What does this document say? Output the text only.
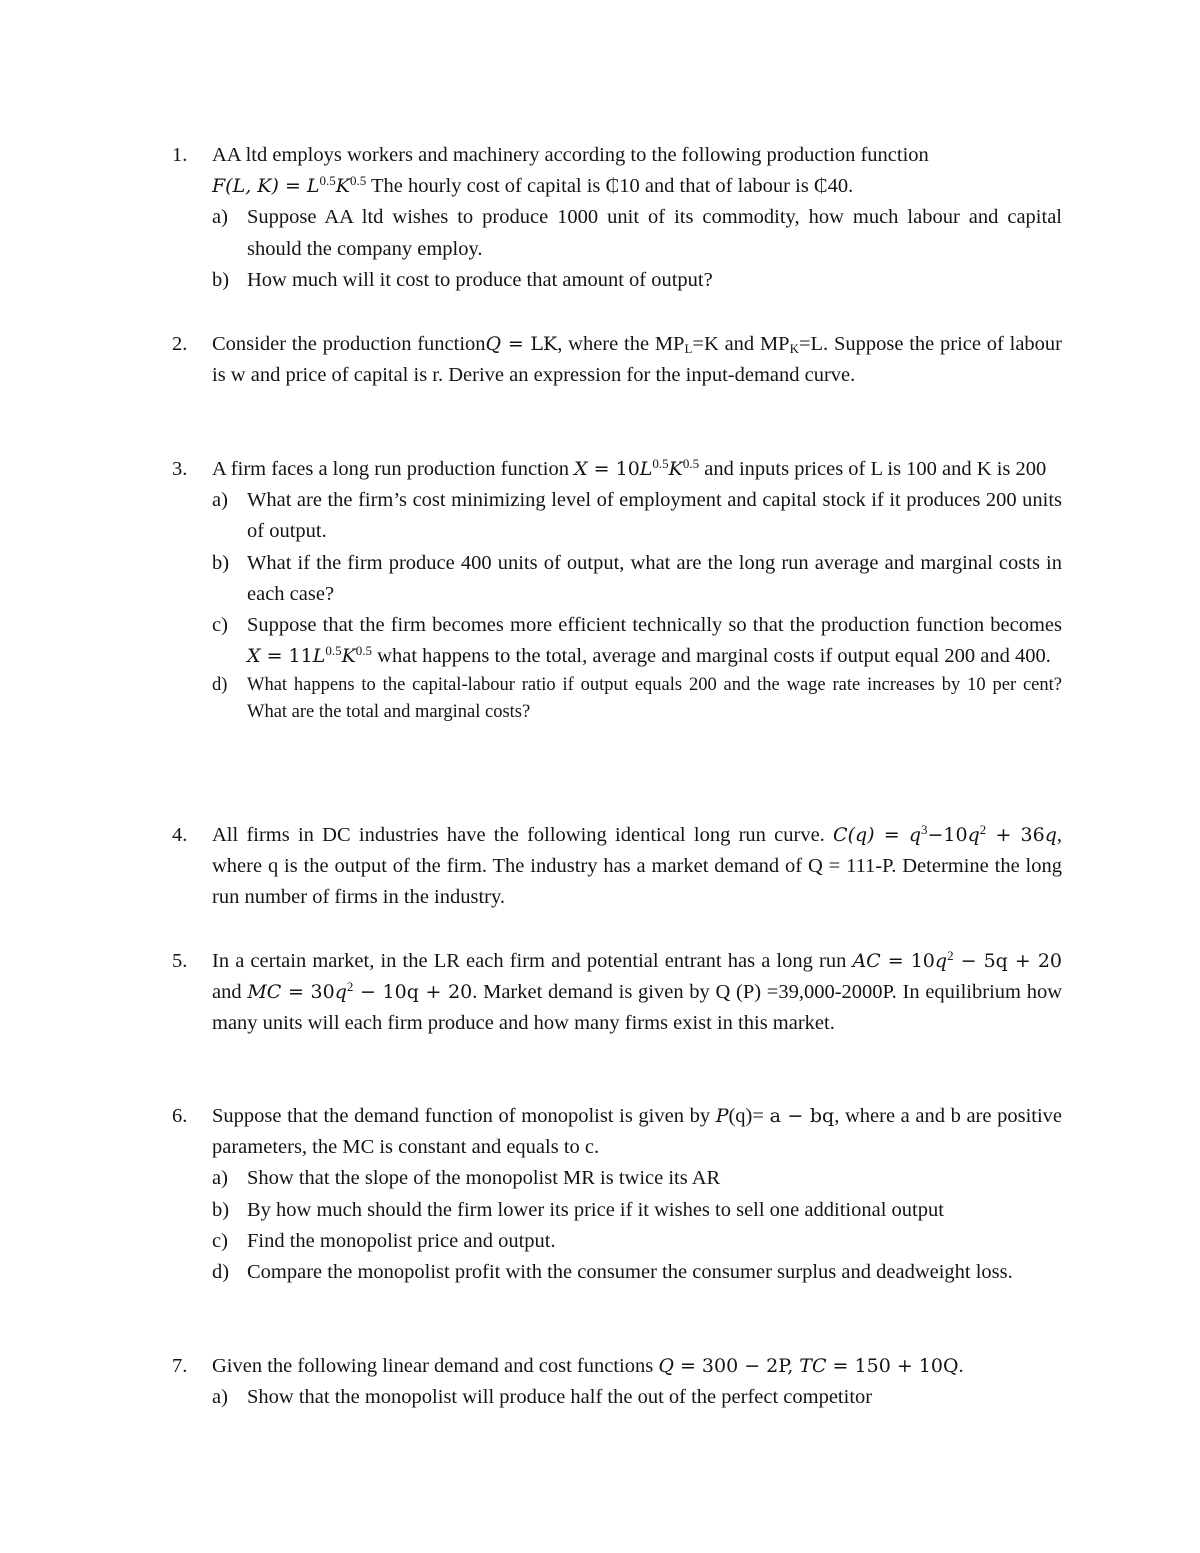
1.	AA ltd employs workers and machinery according to the following production function
F(L, $K) = L^{0.5}K^{0.5}$ The hourly cost of capital is ₵10 and that of labour is ₵40.
a) Suppose AA ltd wishes to produce 1000 unit of its commodity, how much labour and capital should the company employ.
b) How much will it cost to produce that amount of output?
2.	Consider the production functionQ = LK, where the $MP_L=K$ and $MP_K=L$. Suppose the price of labour is w and price of capital is r. Derive an expression for the input-demand curve.
3.	A firm faces a long run production function $X = 10L^{0.5}K^{0.5}$ and inputs prices of L is 100 and K is 200
a) What are the firm’s cost minimizing level of employment and capital stock if it produces 200 units of output.
b) What if the firm produce 400 units of output, what are the long run average and marginal costs in each case?
c) Suppose that the firm becomes more efficient technically so that the production function becomes $X = 11L^{0.5}K^{0.5}$ what happens to the total, average and marginal costs if output equal 200 and 400.
d)	What happens to the capital-labour ratio if output equals 200 and the wage rate increases by 10 per cent? What are the total and marginal costs?
4.	All firms in DC industries have the following identical long run curve. $C(q) = q^3-10q^2 + 36q$, where q is the output of the firm. The industry has a market demand of Q = 111-P. Determine the long run number of firms in the industry.
5.	In a certain market, in the LR each firm and potential entrant has a long run AC = $10q^2 - 5q + 20$ and MC = $30q^2 - 10q + 20$. Market demand is given by Q (P) =39,000-2000P. In equilibrium how many units will each firm produce and how many firms exist in this market.
6.	Suppose that the demand function of monopolist is given by P(q)= a − bq, where a and b are positive parameters, the MC is constant and equals to c.
a) Show that the slope of the monopolist MR is twice its AR
b) By how much should the firm lower its price if it wishes to sell one additional output
c) Find the monopolist price and output.
d) Compare the monopolist profit with the consumer the consumer surplus and deadweight loss.
7.	Given the following linear demand and cost functions Q = 300 − 2P, TC = 150 + 10Q.
a) Show that the monopolist will produce half the out of the perfect competitor
